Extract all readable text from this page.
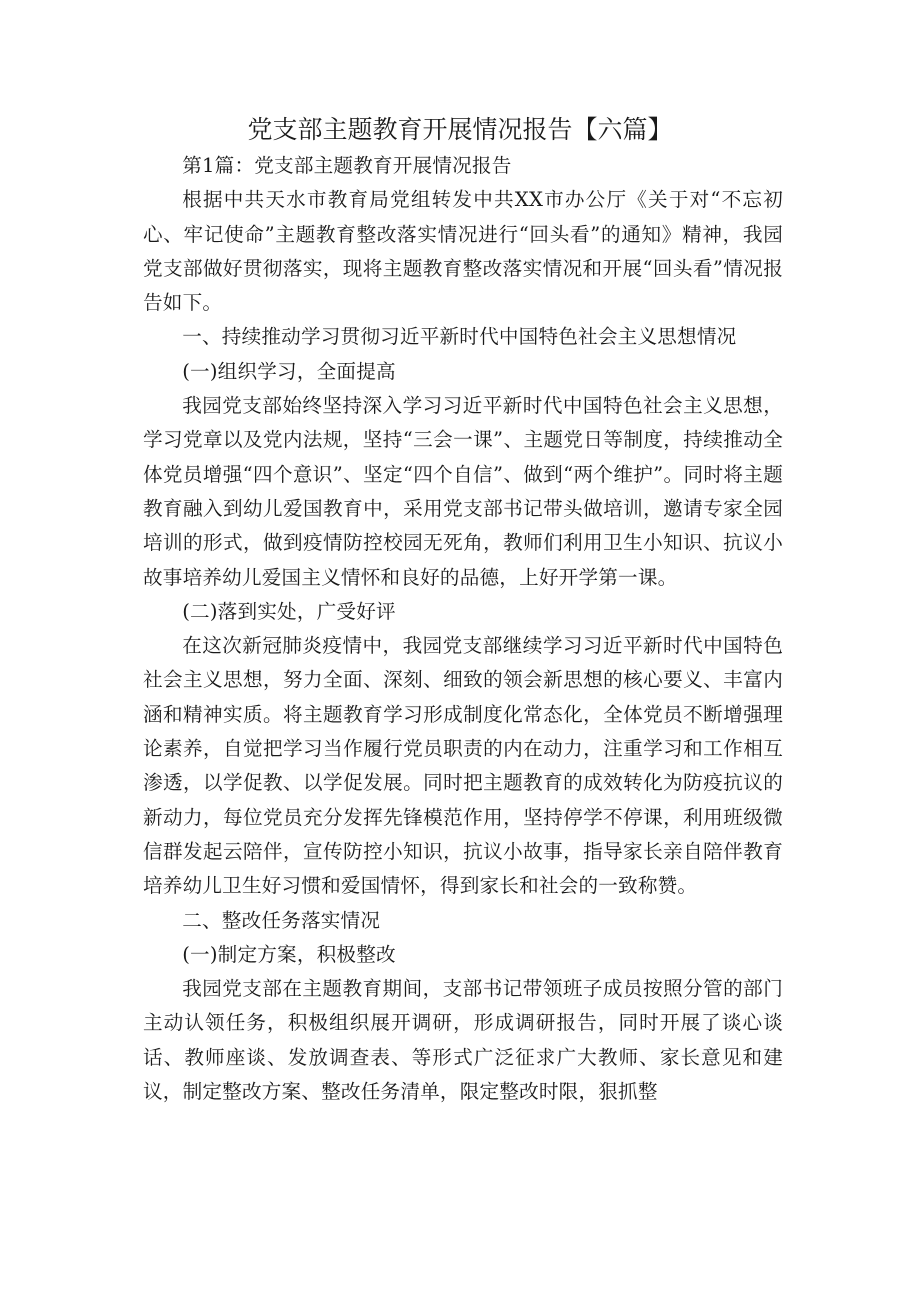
党支部主题教育开展情况报告【六篇】

第1篇：党支部主题教育开展情况报告

根据中共天水市教育局党组转发中共XX市办公厅《关于对“不忘初心、牢记使命”主题教育整改落实情况进行“回头看”的通知》精神，我园党支部做好贯彻落实，现将主题教育整改落实情况和开展“回头看”情况报告如下。

一、持续推动学习贯彻习近平新时代中国特色社会主义思想情况

(一)组织学习，全面提高

我园党支部始终坚持深入学习习近平新时代中国特色社会主义思想，学习党章以及党内法规，坚持“三会一课”、主题党日等制度，持续推动全体党员增强“四个意识”、坚定“四个自信”、做到“两个维护”。同时将主题教育融入到幼儿爱国教育中，采用党支部书记带头做培训，邀请专家全园培训的形式，做到疫情防控校园无死角，教师们利用卫生小知识、抗议小故事培养幼儿爱国主义情怀和良好的品德，上好开学第一课。

(二)落到实处，广受好评

在这次新冠肺炎疫情中，我园党支部继续学习习近平新时代中国特色社会主义思想，努力全面、深刻、细致的领会新思想的核心要义、丰富内涵和精神实质。将主题教育学习形成制度化常态化，全体党员不断增强理论素养，自觉把学习当作履行党员职责的内在动力，注重学习和工作相互渗透，以学促教、以学促发展。同时把主题教育的成效转化为防疫抗议的新动力，每位党员充分发挥先锋模范作用，坚持停学不停课，利用班级微信群发起云陪伴，宣传防控小知识，抗议小故事，指导家长亲自陪伴教育培养幼儿卫生好习惯和爱国情怀，得到家长和社会的一致称赞。

二、整改任务落实情况

(一)制定方案，积极整改

我园党支部在主题教育期间，支部书记带领班子成员按照分管的部门主动认领任务，积极组织展开调研，形成调研报告，同时开展了谈心谈话、教师座谈、发放调查表、等形式广泛征求广大教师、家长意见和建议，制定整改方案、整改任务清单，限定整改时限，狠抓整
